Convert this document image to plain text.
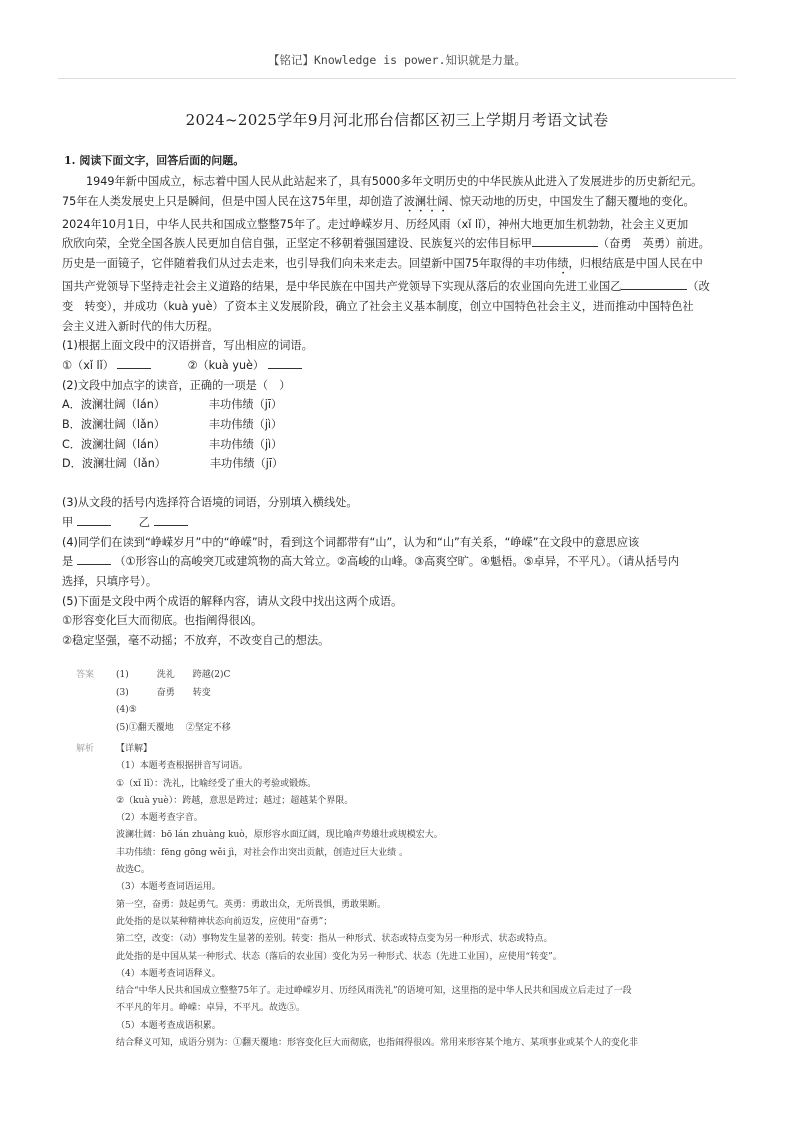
【铭记】Knowledge is power.知识就是力量。
2024~2025学年9月河北邢台信都区初三上学期月考语文试卷
1. 阅读下面文字，回答后面的问题。

1949年新中国成立，标志着中国人民从此站起来了，具有5000多年文明历史的中华民族从此进入了发展进步的历史新纪元。

75年在人类发展史上只是瞬间，但是中国人民在这75年里，却创造了波澜壮阔、惊天动地的历史，中国发生了翻天覆地的变化。

2024年10月1日，中华人民共和国成立整整75年了。走过峥嵘岁月、历经风雨（xǐ lǐ），神州大地更加生机勃勃，社会主义更加

欣欣向荣，全党全国各族人民更加自信自强，正坚定不移朝着强国建设、民族复兴的宏伟目标甲	（奋勇　英勇）前进。

历史是一面镜子，它伴随着我们从过去走来，也引导我们向未来走去。回望新中国75年取得的丰功伟绩，归根结底是中国人民在中

国共产党领导下坚持走社会主义道路的结果，是中华民族在中国共产党领导下实现从落后的农业国向先进工业国乙	（改

变　转变），并成功（kuà yuè）了资本主义发展阶段，确立了社会主义基本制度，创立中国特色社会主义，进而推动中国特色社

会主义进入新时代的伟大历程。

(1)根据上面文段中的汉语拼音，写出相应的词语。

①（xǐ lǐ）	②（kuà yuè）

(2)文段中加点字的读音，正确的一项是（　）

A．波澜壮阔（lán）	丰功伟绩（jī）

B．波澜壮阔（lǎn）	丰功伟绩（jì）

C．波澜壮阔（lán）	丰功伟绩（jì）

D．波澜壮阔（lǎn）	丰功伟绩（jī）

(3)从文段的括号内选择符合语境的词语，分别填入横线处。

甲	乙

(4)同学们在读到“峥嵘岁月”中的“峥嵘”时，看到这个词都带有“山”，认为和“山”有关系，“峥嵘”在文段中的意思应该

是	（①形容山的高峻突兀或建筑物的高大耸立。②高峻的山峰。③高爽空旷。④魁梧。⑤卓异，不平凡）。（请从括号内

选择，只填序号）。

(5)下面是文段中两个成语的解释内容，请从文段中找出这两个成语。

①形容变化巨大而彻底。也指阐得很凶。

②稳定坚强，毫不动摇；不放弃，不改变自己的想法。

答案 (1)	洗礼 跨越(2)C
(3)	奋勇 转变
(4)⑤
(5)①翻天覆地 ②坚定不移
解析 【详解】
（1）本题考查根据拼音写词语。
①（xǐ lǐ）：洗礼，比喻经受了重大的考验或锻炼。
②（kuà yuè）：跨越，意思是跨过；越过；超越某个界限。
（2）本题考查字音。
波澜壮阔：bō lán zhuàng kuò，原形容水面辽阔，现比喻声势雄壮或规模宏大。
丰功伟绩：fēng gōng wěi jì，对社会作出突出贡献，创造过巨大业绩 。
故选C。
（3）本题考查词语运用。
第一空，奋勇：鼓起勇气。英勇：勇敢出众，无所畏惧，勇敢果断。
此处指的是以某种精神状态向前迈发，应使用“奋勇”；
第二空，改变：（动）事物发生显著的差别。转变：指从一种形式、状态或特点变为另一种形式、状态或特点。
此处指的是中国从某一种形式、状态（落后的农业国）变化为另一种形式、状态（先进工业国），应使用“转变”。
（4）本题考查词语释义。
结合“中华人民共和国成立整整75年了。走过峥嵘岁月、历经风雨洗礼”的语境可知，这里指的是中华人民共和国成立后走过了一段
不平凡的年月。峥嵘：卓异，不平凡。故选⑤。
（5）本题考查成语积累。
结合释义可知，成语分别为：①翻天覆地：形容变化巨大而彻底，也指闹得很凶。常用来形容某个地方、某项事业或某个人的变化非
